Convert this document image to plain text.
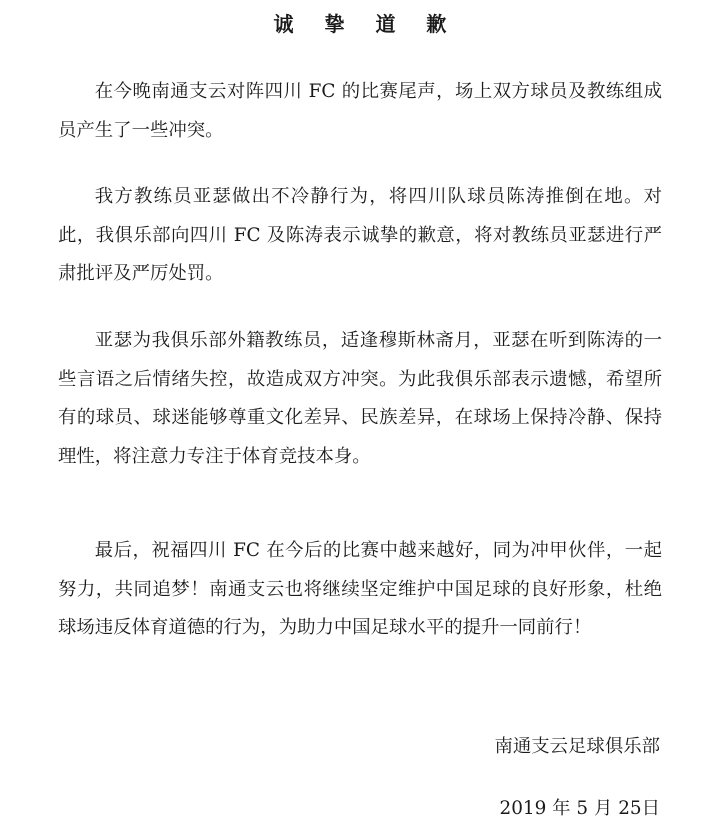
诚 挚 道 歉

在今晚南通支云对阵四川 FC 的比赛尾声，场上双方球员及教练组成员产生了一些冲突。

我方教练员亚瑟做出不冷静行为，将四川队球员陈涛推倒在地。对此，我俱乐部向四川 FC 及陈涛表示诚挚的歉意，将对教练员亚瑟进行严肃批评及严厉处罚。

亚瑟为我俱乐部外籍教练员，适逢穆斯林斋月，亚瑟在听到陈涛的一些言语之后情绪失控，故造成双方冲突。为此我俱乐部表示遗憾，希望所有的球员、球迷能够尊重文化差异、民族差异，在球场上保持冷静、保持理性，将注意力专注于体育竞技本身。

最后，祝福四川 FC 在今后的比赛中越来越好，同为冲甲伙伴，一起努力，共同追梦！南通支云也将继续坚定维护中国足球的良好形象，杜绝球场违反体育道德的行为，为助力中国足球水平的提升一同前行！

南通支云足球俱乐部
2019 年 5 月 25日
